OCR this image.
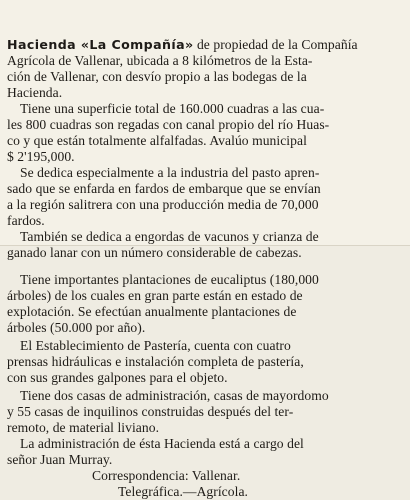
Hacienda «La Compañía» de propiedad de la Compañía
Agrícola de Vallenar, ubicada a 8 kilómetros de la Esta-
ción de Vallenar, con desvío propio a las bodegas de la
Hacienda.
Tiene una superficie total de 160.000 cuadras a las cua-
les 800 cuadras son regadas con canal propio del río Huas-
co y que están totalmente alfalfadas. Avalúo municipal
$ 2'195,000.
Se dedica especialmente a la industria del pasto apren-
sado que se enfarda en fardos de embarque que se envían
a la región salitrera con una producción media de 70,000
fardos.
También se dedica a engordas de vacunos y crianza de
ganado lanar con un número considerable de cabezas.
Tiene importantes plantaciones de eucaliptus (180,000
árboles) de los cuales en gran parte están en estado de
explotación. Se efectúan anualmente plantaciones de
árboles (50.000 por año).
El Establecimiento de Pastería, cuenta con cuatro
prensas hidráulicas e instalación completa de pastería,
con sus grandes galpones para el objeto.
Tiene dos casas de administración, casas de mayordomo
y 55 casas de inquilinos construidas después del ter-
remoto, de material liviano.
La administración de ésta Hacienda está a cargo del
señor Juan Murray.
Correspondencia: Vallenar.
Telegráfica.—Agrícola.
